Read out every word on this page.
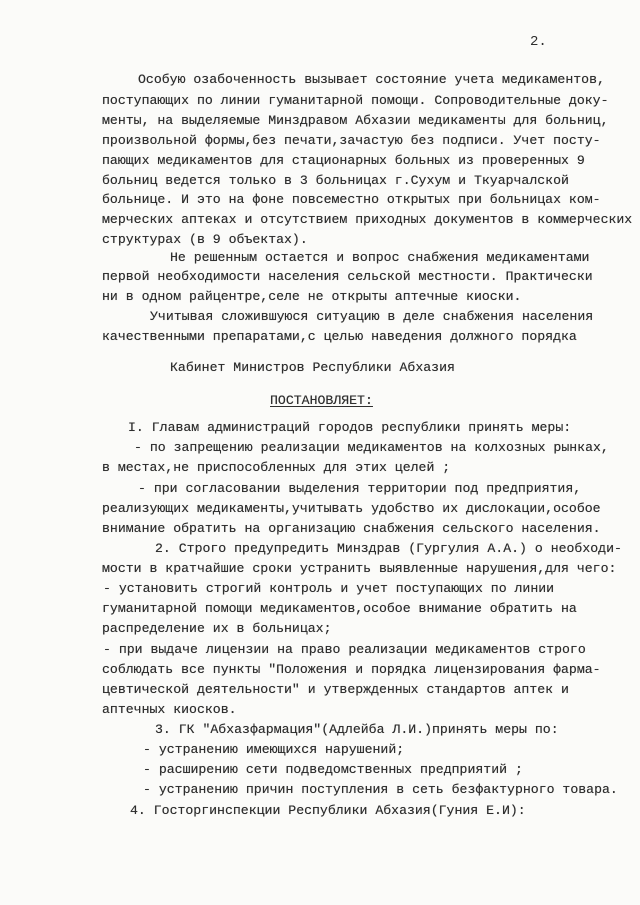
2.
Особую озабоченность вызывает состояние учета медикаментов,
поступающих по линии гуманитарной помощи. Сопроводительные доку-
менты, на выделяемые Минздравом Абхазии медикаменты для больниц,
произвольной формы,без печати,зачастую без подписи. Учет посту-
пающих медикаментов для стационарных больных из проверенных 9
больниц ведется только в 3 больницах г.Сухум и Ткуарчалской
больнице. И это на фоне повсеместно открытых при больницах ком-
мерческих аптеках и отсутствием приходных документов в коммерческих
структурах (в 9 объектах).
Не решенным остается и вопрос снабжения медикаментами
первой необходимости населения сельской местности. Практически
ни в одном райцентре,селе не открыты аптечные киоски.
Учитывая сложившуюся ситуацию в деле снабжения населения
качественными препаратами,с целью наведения должного порядка
Кабинет Министров Республики Абхазия
ПОСТАНОВЛЯЕТ:
I. Главам администраций городов республики принять меры:
- по запрещению реализации медикаментов на колхозных рынках,
в местах,не приспособленных для этих целей ;
- при согласовании выделения территории под предприятия,
реализующих медикаменты,учитывать удобство их дислокации,особое
внимание обратить на организацию снабжения сельского населения.
2. Строго предупредить Минздрав (Гургулия А.А.) о необходи-
мости в кратчайшие сроки устранить выявленные нарушения,для чего:
- установить строгий контроль и учет поступающих по линии
гуманитарной помощи медикаментов,особое внимание обратить на
распределение их в больницах;
- при выдаче лицензии на право реализации медикаментов строго
соблюдать все пункты "Положения и порядка лицензирования фарма-
цевтической деятельности" и утвержденных стандартов аптек и
аптечных киосков.
3. ГК "Абхазфармация"(Адлейба Л.И.)принять меры по:
- устранению имеющихся нарушений;
- расширению сети подведомственных предприятий ;
- устранению причин поступления в сеть безфактурного товара.
4. Госторгинспекции Республики Абхазия(Гуния Е.И):
